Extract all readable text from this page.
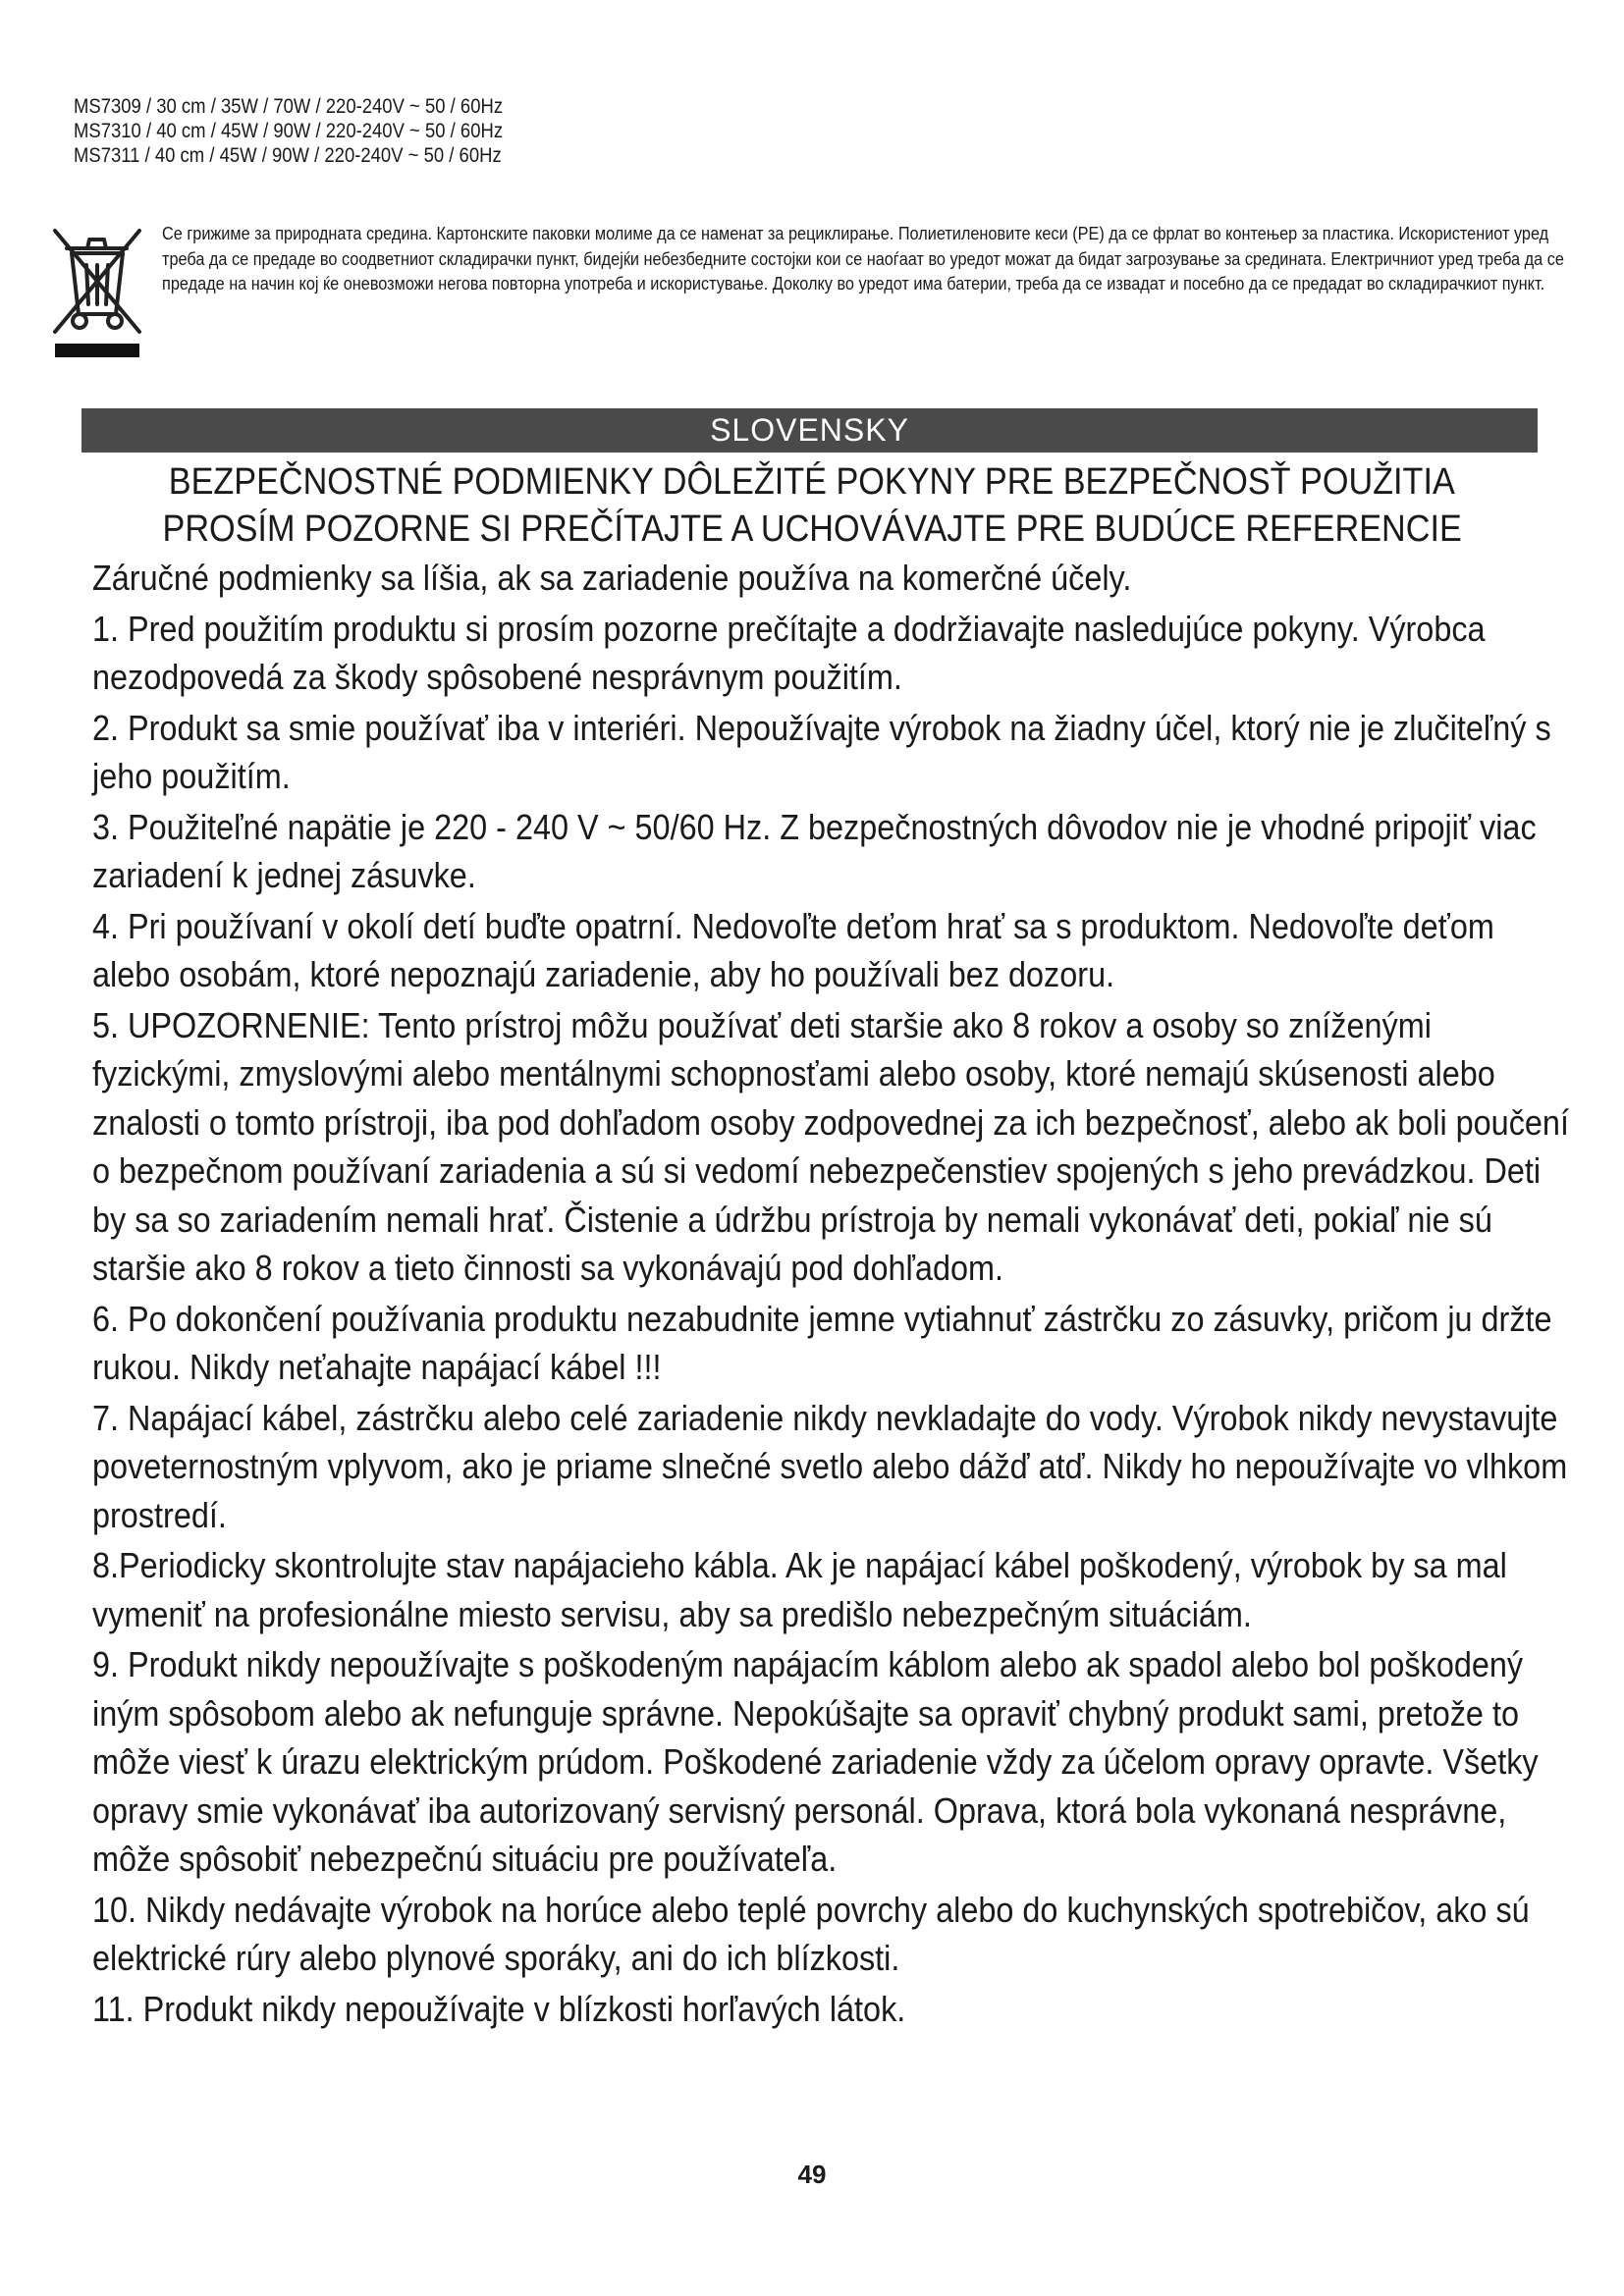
MS7309 / 30 cm / 35W / 70W / 220-240V ~ 50 / 60Hz
MS7310 / 40 cm / 45W / 90W / 220-240V ~ 50 / 60Hz
MS7311 / 40 cm / 45W / 90W / 220-240V ~ 50 / 60Hz
Се грижиме за природната средина. Картонските паковки молиме да се наменат за рециклирање. Полиетиленовите кеси (PE) да се фрлат во контењер за пластика. Искористениот уред треба да се предаде во соодветниот складирачки пункт, бидејќи небезбедните состојки кои се наоѓаат во уредот можат да бидат загрозување за средината. Електричниот уред треба да се предаде на начин кој ќе оневозможи негова повторна употреба и искористување. Доколку во уредот има батерии, треба да се извадат и посебно да се предадат во складирачкиот пункт.
SLOVENSKY
BEZPEČNOSTNÉ PODMIENKY DÔLEŽITÉ POKYNY PRE BEZPEČNOSŤ POUŽITIA
PROSÍM POZORNE SI PREČÍTAJTE A UCHOVÁVAJTE PRE BUDÚCE REFERENCIE

Záručné podmienky sa líšia, ak sa zariadenie používa na komerčné účely.

1. Pred použitím produktu si prosím pozorne prečítajte a dodržiavajte nasledujúce pokyny. Výrobca nezodpovedá za škody spôsobené nesprávnym použitím.

2. Produkt sa smie používať iba v interiéri. Nepoužívajte výrobok na žiadny účel, ktorý nie je zlučiteľný s jeho použitím.

3. Použiteľné napätie je 220 - 240 V ~ 50/60 Hz. Z bezpečnostných dôvodov nie je vhodné pripojiť viac zariadení k jednej zásuvke.

4. Pri používaní v okolí detí buďte opatrní. Nedovoľte deťom hrať sa s produktom. Nedovoľte deťom alebo osobám, ktoré nepoznajú zariadenie, aby ho používali bez dozoru.

5. UPOZORNENIE: Tento prístroj môžu používať deti staršie ako 8 rokov a osoby so zníženými fyzickými, zmyslovými alebo mentálnymi schopnosťami alebo osoby, ktoré nemajú skúsenosti alebo znalosti o tomto prístroji, iba pod dohľadom osoby zodpovednej za ich bezpečnosť, alebo ak boli poučení o bezpečnom používaní zariadenia a sú si vedomí nebezpečenstiev spojených s jeho prevádzkou. Deti by sa so zariadením nemali hrať. Čistenie a údržbu prístroja by nemali vykonávať deti, pokiaľ nie sú staršie ako 8 rokov a tieto činnosti sa vykonávajú pod dohľadom.

6. Po dokončení používania produktu nezabudnite jemne vytiahnuť zástrčku zo zásuvky, pričom ju držte rukou. Nikdy neťahajte napájací kábel !!!

7. Napájací kábel, zástrčku alebo celé zariadenie nikdy nevkladajte do vody. Výrobok nikdy nevystavujte poveternostným vplyvom, ako je priame slnečné svetlo alebo dážď atď. Nikdy ho nepoužívajte vo vlhkom prostredí.

8.Periodicky skontrolujte stav napájacieho kábla. Ak je napájací kábel poškodený, výrobok by sa mal vymeniť na profesionálne miesto servisu, aby sa predišlo nebezpečným situáciám.

9. Produkt nikdy nepoužívajte s poškodeným napájacím káblom alebo ak spadol alebo bol poškodený iným spôsobom alebo ak nefunguje správne. Nepokúšajte sa opraviť chybný produkt sami, pretože to môže viesť k úrazu elektrickým prúdom. Poškodené zariadenie vždy za účelom opravy opravte. Všetky opravy smie vykonávať iba autorizovaný servisný personál. Oprava, ktorá bola vykonaná nesprávne, môže spôsobiť nebezpečnú situáciu pre používateľa.

10. Nikdy nedávajte výrobok na horúce alebo teplé povrchy alebo do kuchynských spotrebičov, ako sú elektrické rúry alebo plynové sporáky, ani do ich blízkosti.

11. Produkt nikdy nepoužívajte v blízkosti horľavých látok.

49
